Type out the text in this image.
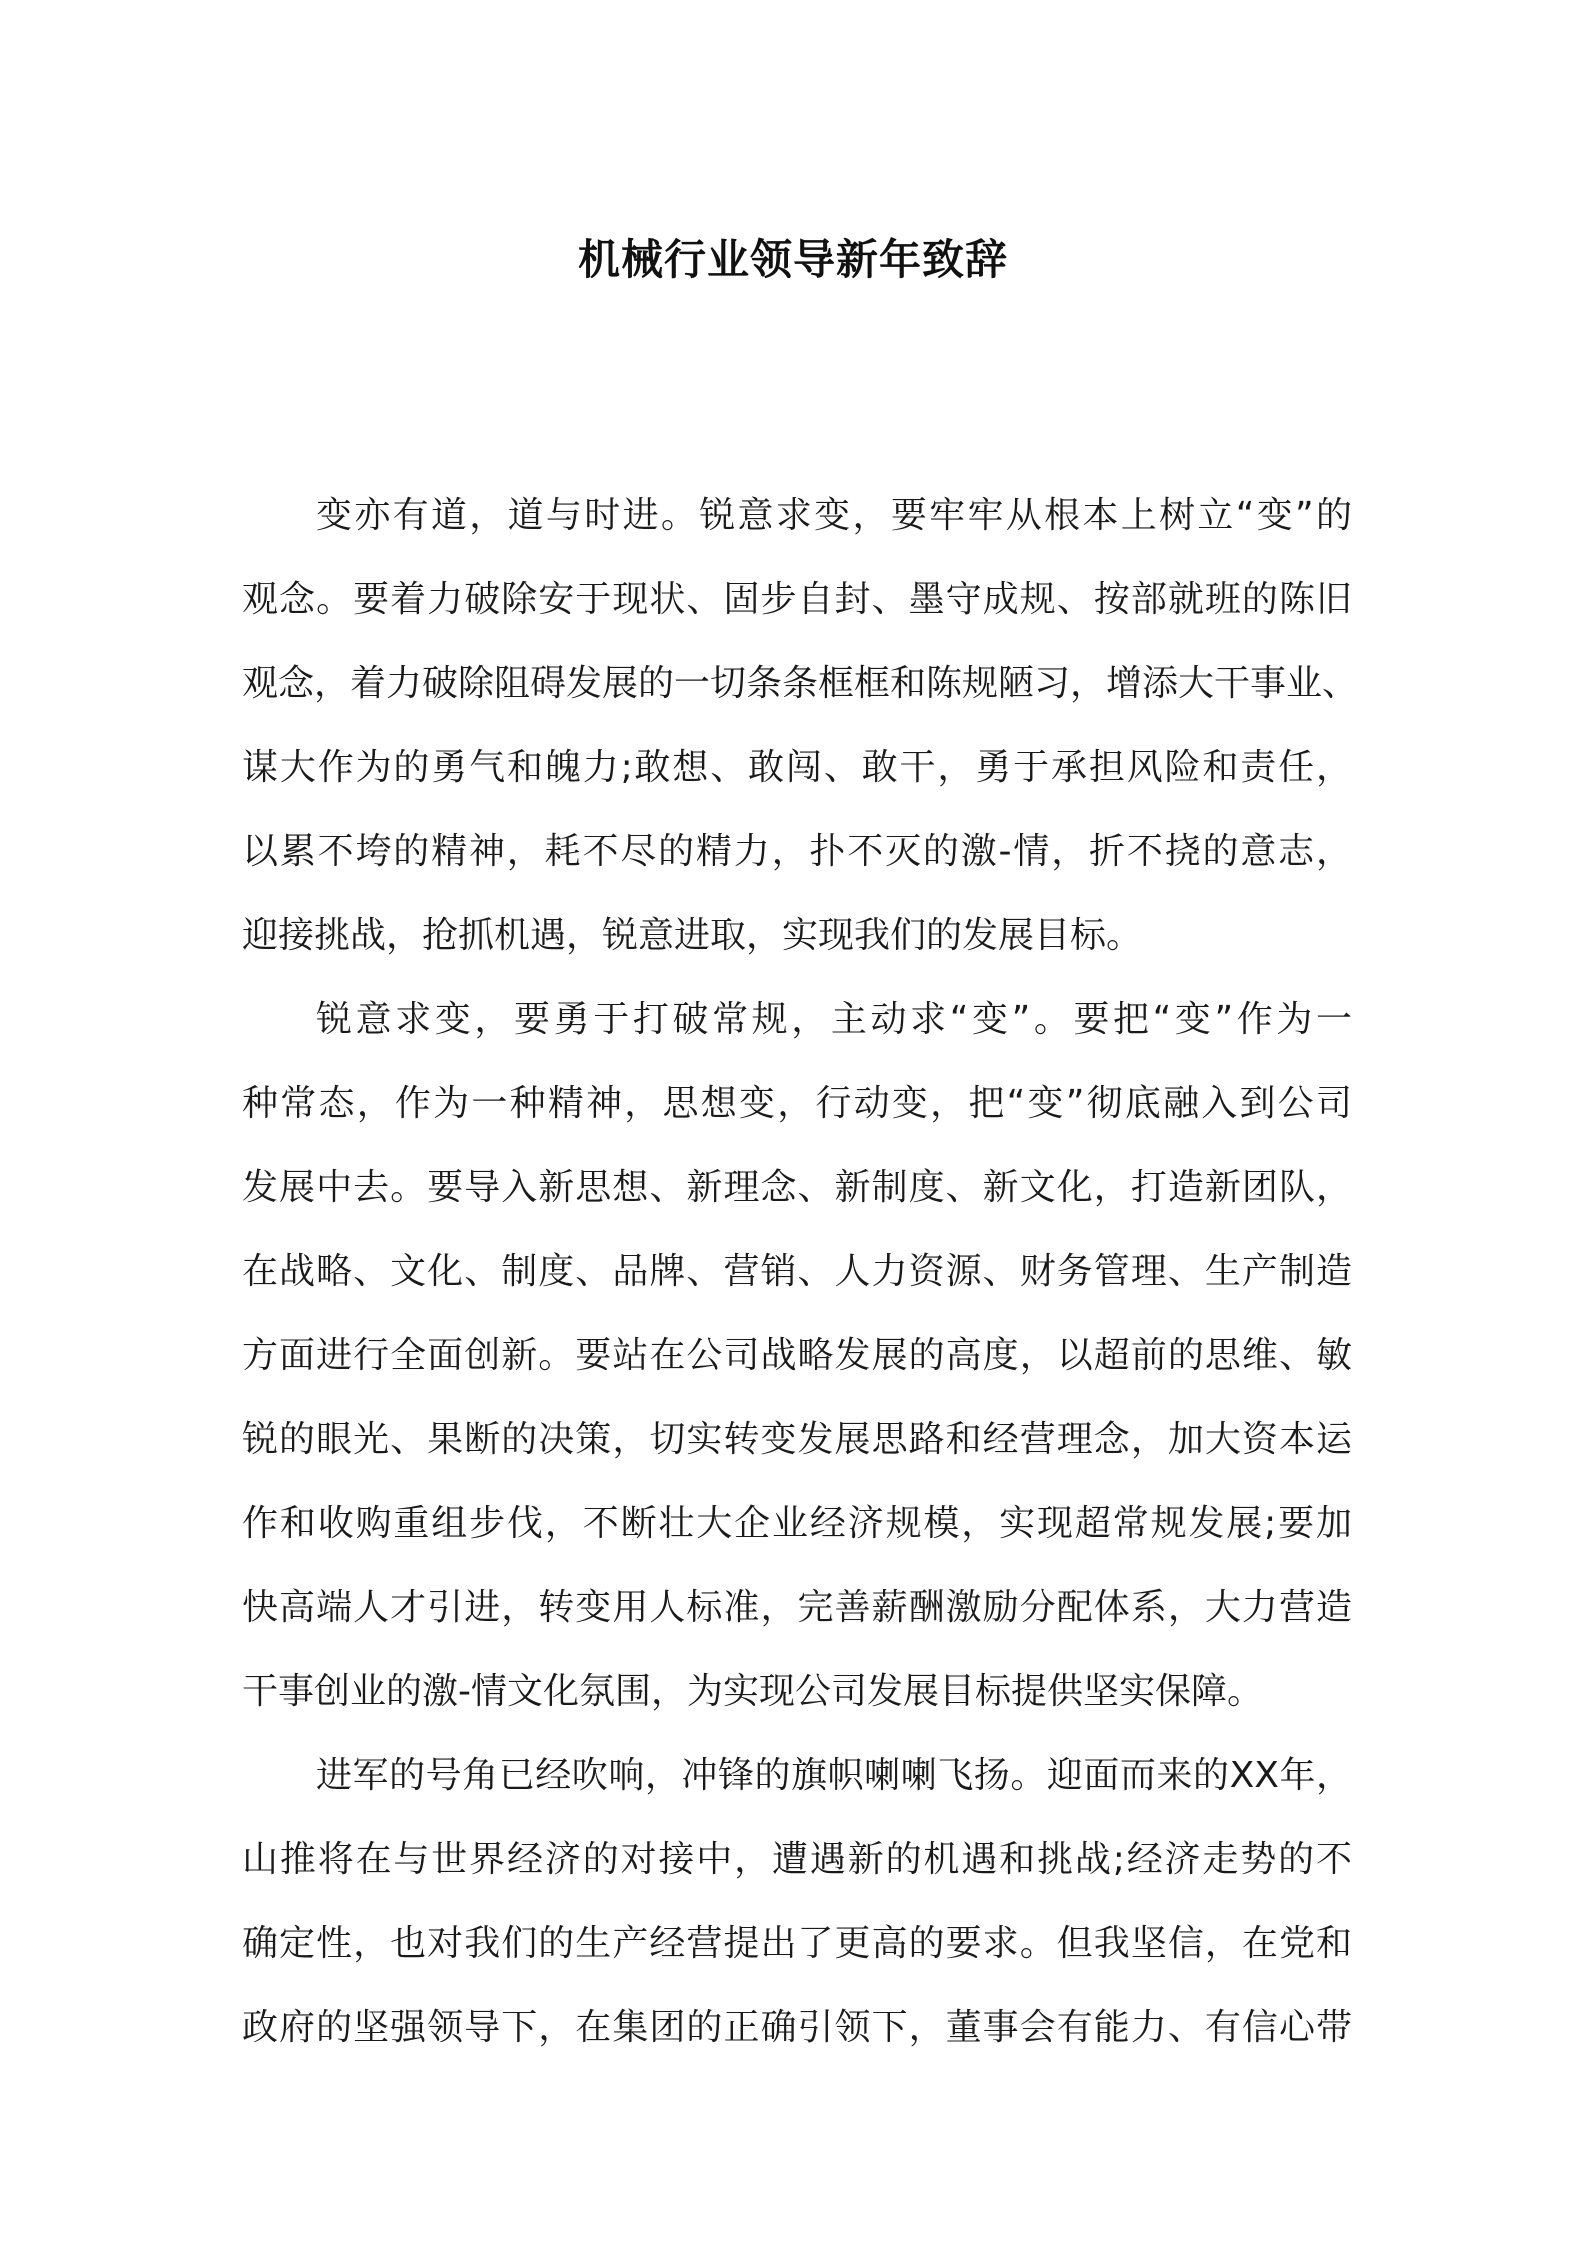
机械行业领导新年致辞
变亦有道，道与时进。锐意求变，要牢牢从根本上树立“变”的
观念。要着力破除安于现状、固步自封、墨守成规、按部就班的陈旧
观念，着力破除阻碍发展的一切条条框框和陈规陋习，增添大干事业、
谋大作为的勇气和魄力;敢想、敢闯、敢干，勇于承担风险和责任，
以累不垮的精神，耗不尽的精力，扑不灭的激-情，折不挠的意志，
迎接挑战，抢抓机遇，锐意进取，实现我们的发展目标。
锐意求变，要勇于打破常规，主动求“变”。要把“变”作为一
种常态，作为一种精神，思想变，行动变，把“变”彻底融入到公司
发展中去。要导入新思想、新理念、新制度、新文化，打造新团队，
在战略、文化、制度、品牌、营销、人力资源、财务管理、生产制造
方面进行全面创新。要站在公司战略发展的高度，以超前的思维、敏
锐的眼光、果断的决策，切实转变发展思路和经营理念，加大资本运
作和收购重组步伐，不断壮大企业经济规模，实现超常规发展;要加
快高端人才引进，转变用人标准，完善薪酬激励分配体系，大力营造
干事创业的激-情文化氛围，为实现公司发展目标提供坚实保障。
进军的号角已经吹响，冲锋的旗帜喇喇飞扬。迎面而来的XX年，
山推将在与世界经济的对接中，遭遇新的机遇和挑战;经济走势的不
确定性，也对我们的生产经营提出了更高的要求。但我坚信，在党和
政府的坚强领导下，在集团的正确引领下，董事会有能力、有信心带
